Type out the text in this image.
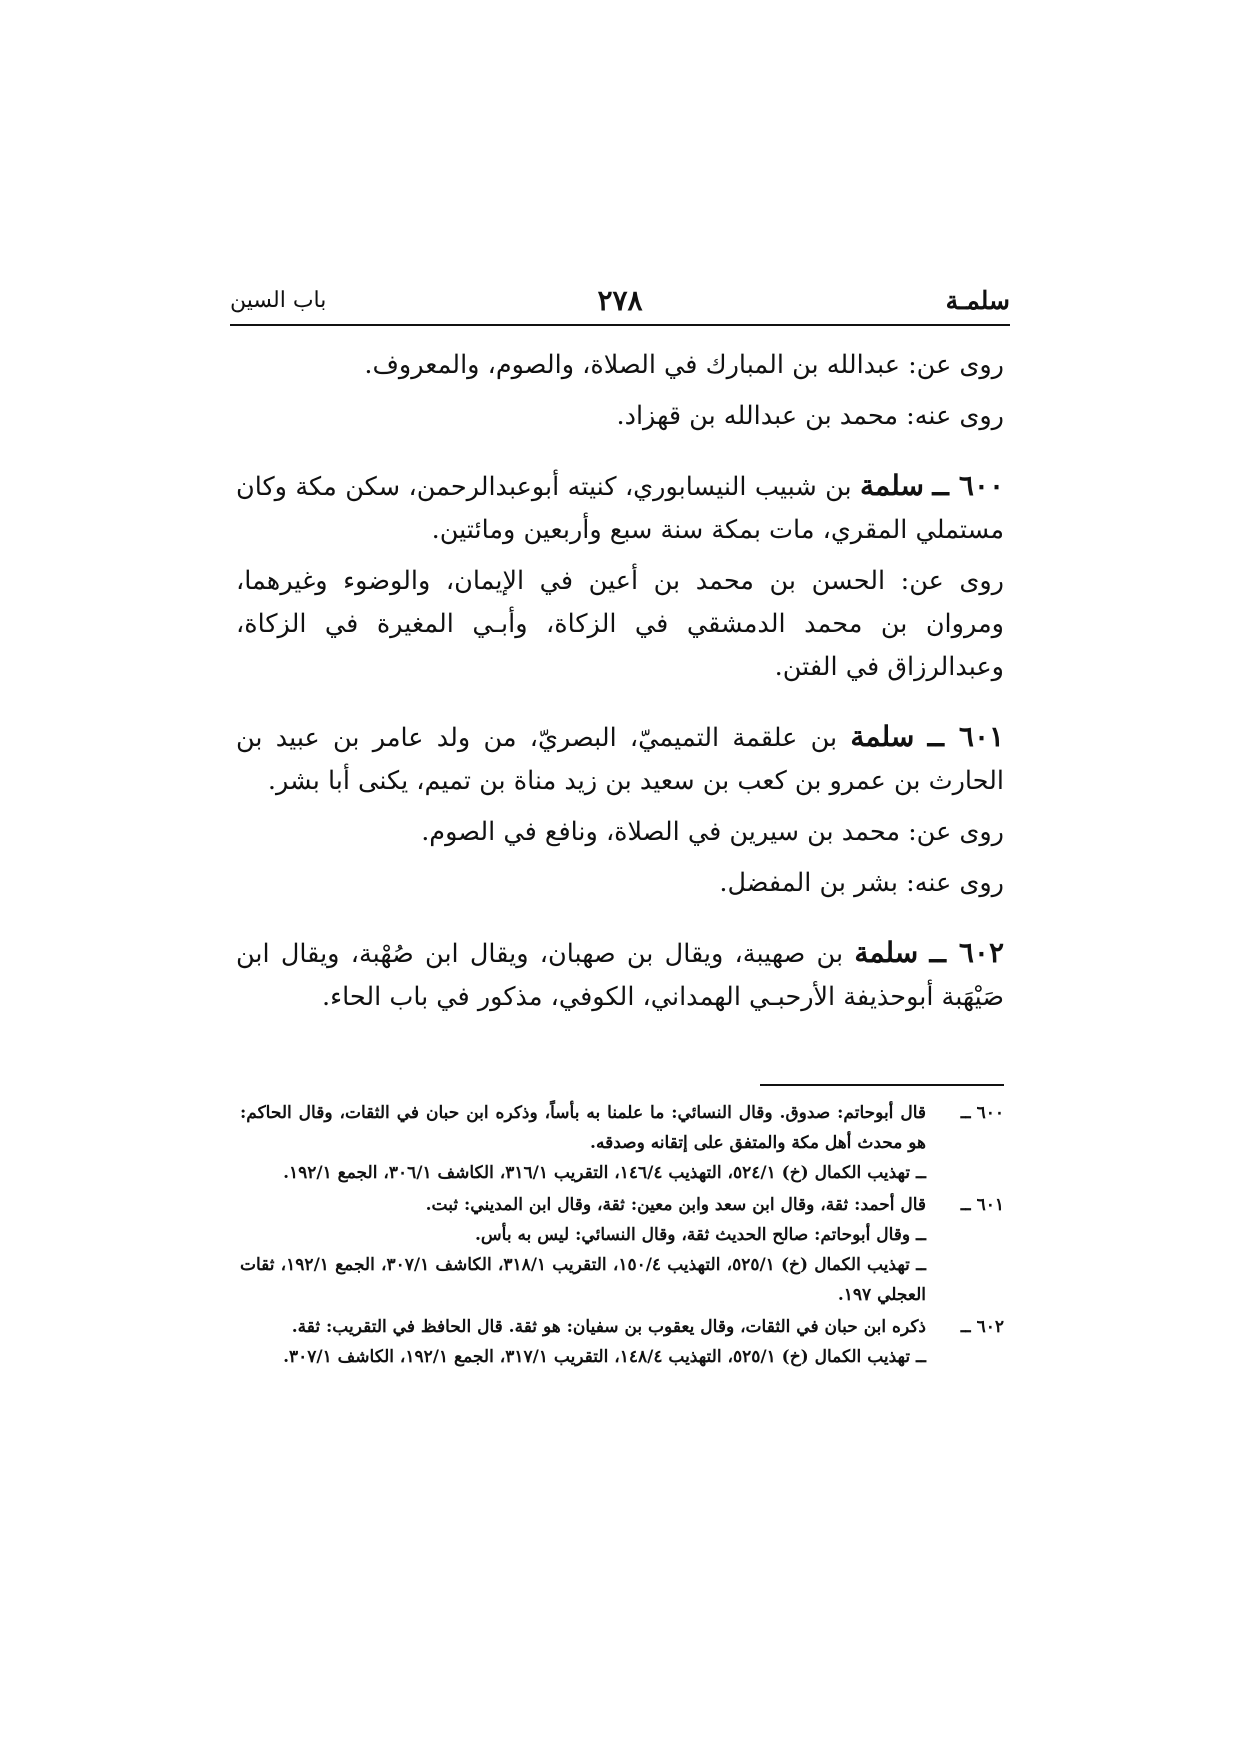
سلمـة
٢٧٨
باب السين

روى عن: عبدالله بن المبارك في الصلاة، والصوم، والمعروف.

روى عنه: محمد بن عبدالله بن قهزاد.

٦٠٠ ــ سلمة بن شبيب النيسابوري، كنيته أبوعبدالرحمن، سكن مكة وكان مستملي المقري، مات بمكة سنة سبع وأربعين ومائتين.

روى عن: الحسن بن محمد بن أعين في الإيمان، والوضوء وغيرهما، ومروان بن محمد الدمشقي في الزكاة، وأبـي المغيرة في الزكاة، وعبدالرزاق في الفتن.

٦٠١ ــ سلمة بن علقمة التميميّ، البصريّ، من ولد عامر بن عبيد بن الحارث بن عمرو بن كعب بن سعيد بن زيد مناة بن تميم، يكنى أبا بشر.

روى عن: محمد بن سيرين في الصلاة، ونافع في الصوم.

روى عنه: بشر بن المفضل.

٦٠٢ ــ سلمة بن صهيبة، ويقال بن صهبان، ويقال ابن صُهْبة، ويقال ابن صَيْهَبة أبوحذيفة الأرحبـي الهمداني، الكوفي، مذكور في باب الحاء.

٦٠٠ ــ
قال أبوحاتم: صدوق. وقال النسائي: ما علمنا به بأساً، وذكره ابن حبان في الثقات، وقال الحاكم: هو محدث أهل مكة والمتفق على إتقانه وصدقه.
ــ تهذيب الكمال (خ) ٥٢٤/١، التهذيب ١٤٦/٤، التقريب ٣١٦/١، الكاشف ٣٠٦/١، الجمع ١٩٢/١.
٦٠١ ــ
قال أحمد: ثقة، وقال ابن سعد وابن معين: ثقة، وقال ابن المديني: ثبت.
ــ وقال أبوحاتم: صالح الحديث ثقة، وقال النسائي: ليس به بأس.
ــ تهذيب الكمال (خ) ٥٢٥/١، التهذيب ١٥٠/٤، التقريب ٣١٨/١، الكاشف ٣٠٧/١، الجمع ١٩٢/١، ثقات العجلي ١٩٧.
٦٠٢ ــ
ذكره ابن حبان في الثقات، وقال يعقوب بن سفيان: هو ثقة. قال الحافظ في التقريب: ثقة.
ــ تهذيب الكمال (خ) ٥٢٥/١، التهذيب ١٤٨/٤، التقريب ٣١٧/١، الجمع ١٩٢/١، الكاشف ٣٠٧/١.
